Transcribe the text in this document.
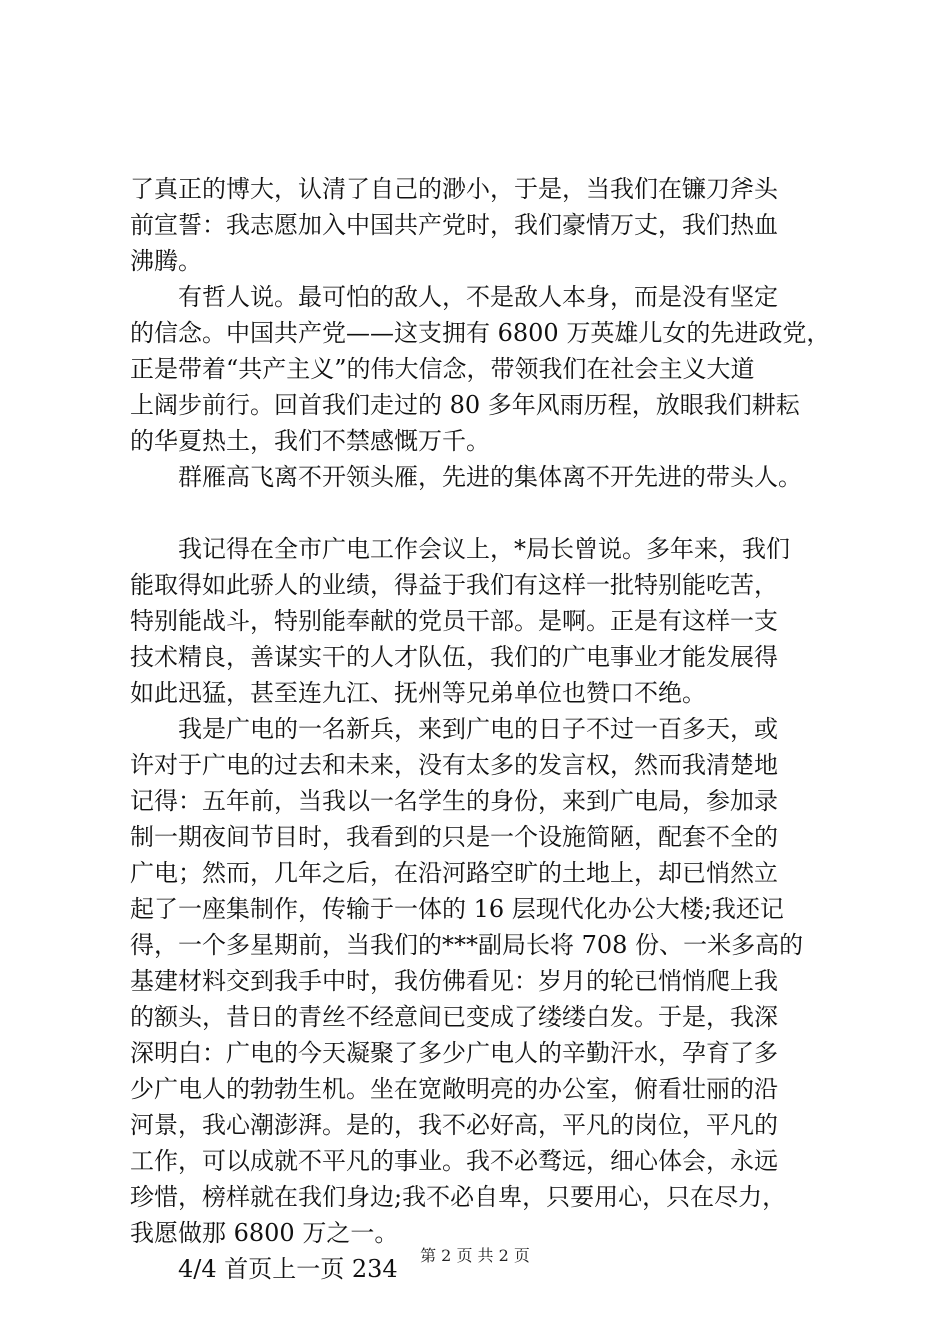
了真正的博大，认清了自己的渺小，于是，当我们在镰刀斧头
前宣誓：我志愿加入中国共产党时，我们豪情万丈，我们热血
沸腾。
有哲人说。最可怕的敌人，不是敌人本身，而是没有坚定
的信念。中国共产党——这支拥有 6800 万英雄儿女的先进政党，
正是带着“共产主义”的伟大信念，带领我们在社会主义大道
上阔步前行。回首我们走过的 80 多年风雨历程，放眼我们耕耘
的华夏热土，我们不禁感慨万千。
群雁高飞离不开领头雁，先进的集体离不开先进的带头人。
我记得在全市广电工作会议上，*局长曾说。多年来，我们
能取得如此骄人的业绩，得益于我们有这样一批特别能吃苦，
特别能战斗，特别能奉献的党员干部。是啊。正是有这样一支
技术精良，善谋实干的人才队伍，我们的广电事业才能发展得
如此迅猛，甚至连九江、抚州等兄弟单位也赞口不绝。
我是广电的一名新兵，来到广电的日子不过一百多天，或
许对于广电的过去和未来，没有太多的发言权，然而我清楚地
记得：五年前，当我以一名学生的身份，来到广电局，参加录
制一期夜间节目时，我看到的只是一个设施简陋，配套不全的
广电；然而，几年之后，在沿河路空旷的土地上，却已悄然立
起了一座集制作，传输于一体的 16 层现代化办公大楼;我还记
得，一个多星期前，当我们的***副局长将 708 份、一米多高的
基建材料交到我手中时，我仿佛看见：岁月的轮已悄悄爬上我
的额头，昔日的青丝不经意间已变成了缕缕白发。于是，我深
深明白：广电的今天凝聚了多少广电人的辛勤汗水，孕育了多
少广电人的勃勃生机。坐在宽敞明亮的办公室，俯看壮丽的沿
河景，我心潮澎湃。是的，我不必好高，平凡的岗位，平凡的
工作，可以成就不平凡的事业。我不必骛远，细心体会，永远
珍惜，榜样就在我们身边;我不必自卑，只要用心，只在尽力，
我愿做那 6800 万之一。
4/4 首页上一页 234	第 2 页 共 2 页
